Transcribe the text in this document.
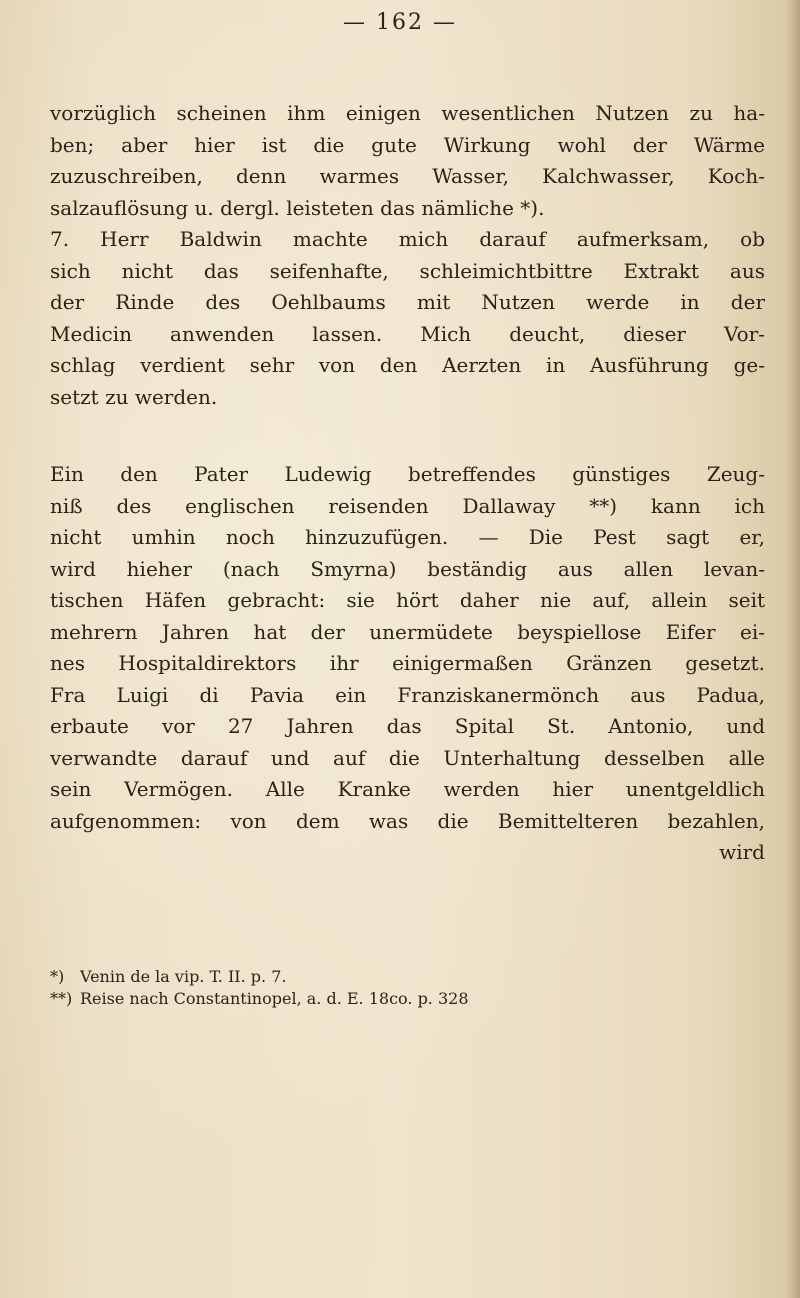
— 162 —
vorzüglich scheinen ihm einigen wesentlichen Nutzen zu ha-
ben; aber hier ist die gute Wirkung wohl der Wärme
zuzuschreiben, denn warmes Wasser, Kalchwasser, Koch-
salzauflösung u. dergl. leisteten das nämliche *).
7. Herr Baldwin machte mich darauf aufmerksam, ob
sich nicht das seifenhafte, schleimichtbittre Extrakt aus
der Rinde des Oehlbaums mit Nutzen werde in der
Medicin anwenden lassen. Mich deucht, dieser Vor-
schlag verdient sehr von den Aerzten in Ausführung ge-
setzt zu werden.
Ein den Pater Ludewig betreffendes günstiges Zeug-
niß des englischen reisenden Dallaway **) kann ich
nicht umhin noch hinzuzufügen. — Die Pest sagt er,
wird hieher (nach Smyrna) beständig aus allen levan-
tischen Häfen gebracht: sie hört daher nie auf, allein seit
mehrern Jahren hat der unermüdete beyspiellose Eifer ei-
nes Hospitaldirektors ihr einigermaßen Gränzen gesetzt.
Fra Luigi di Pavia ein Franziskanermönch aus Padua,
erbaute vor 27 Jahren das Spital St. Antonio, und
verwandte darauf und auf die Unterhaltung desselben alle
sein Vermögen. Alle Kranke werden hier unentgeldlich
aufgenommen: von dem was die Bemittelteren bezahlen,
wird
*) Venin de la vip. T. II. p. 7.
**) Reise nach Constantinopel, a. d. E. 18co. p. 328
